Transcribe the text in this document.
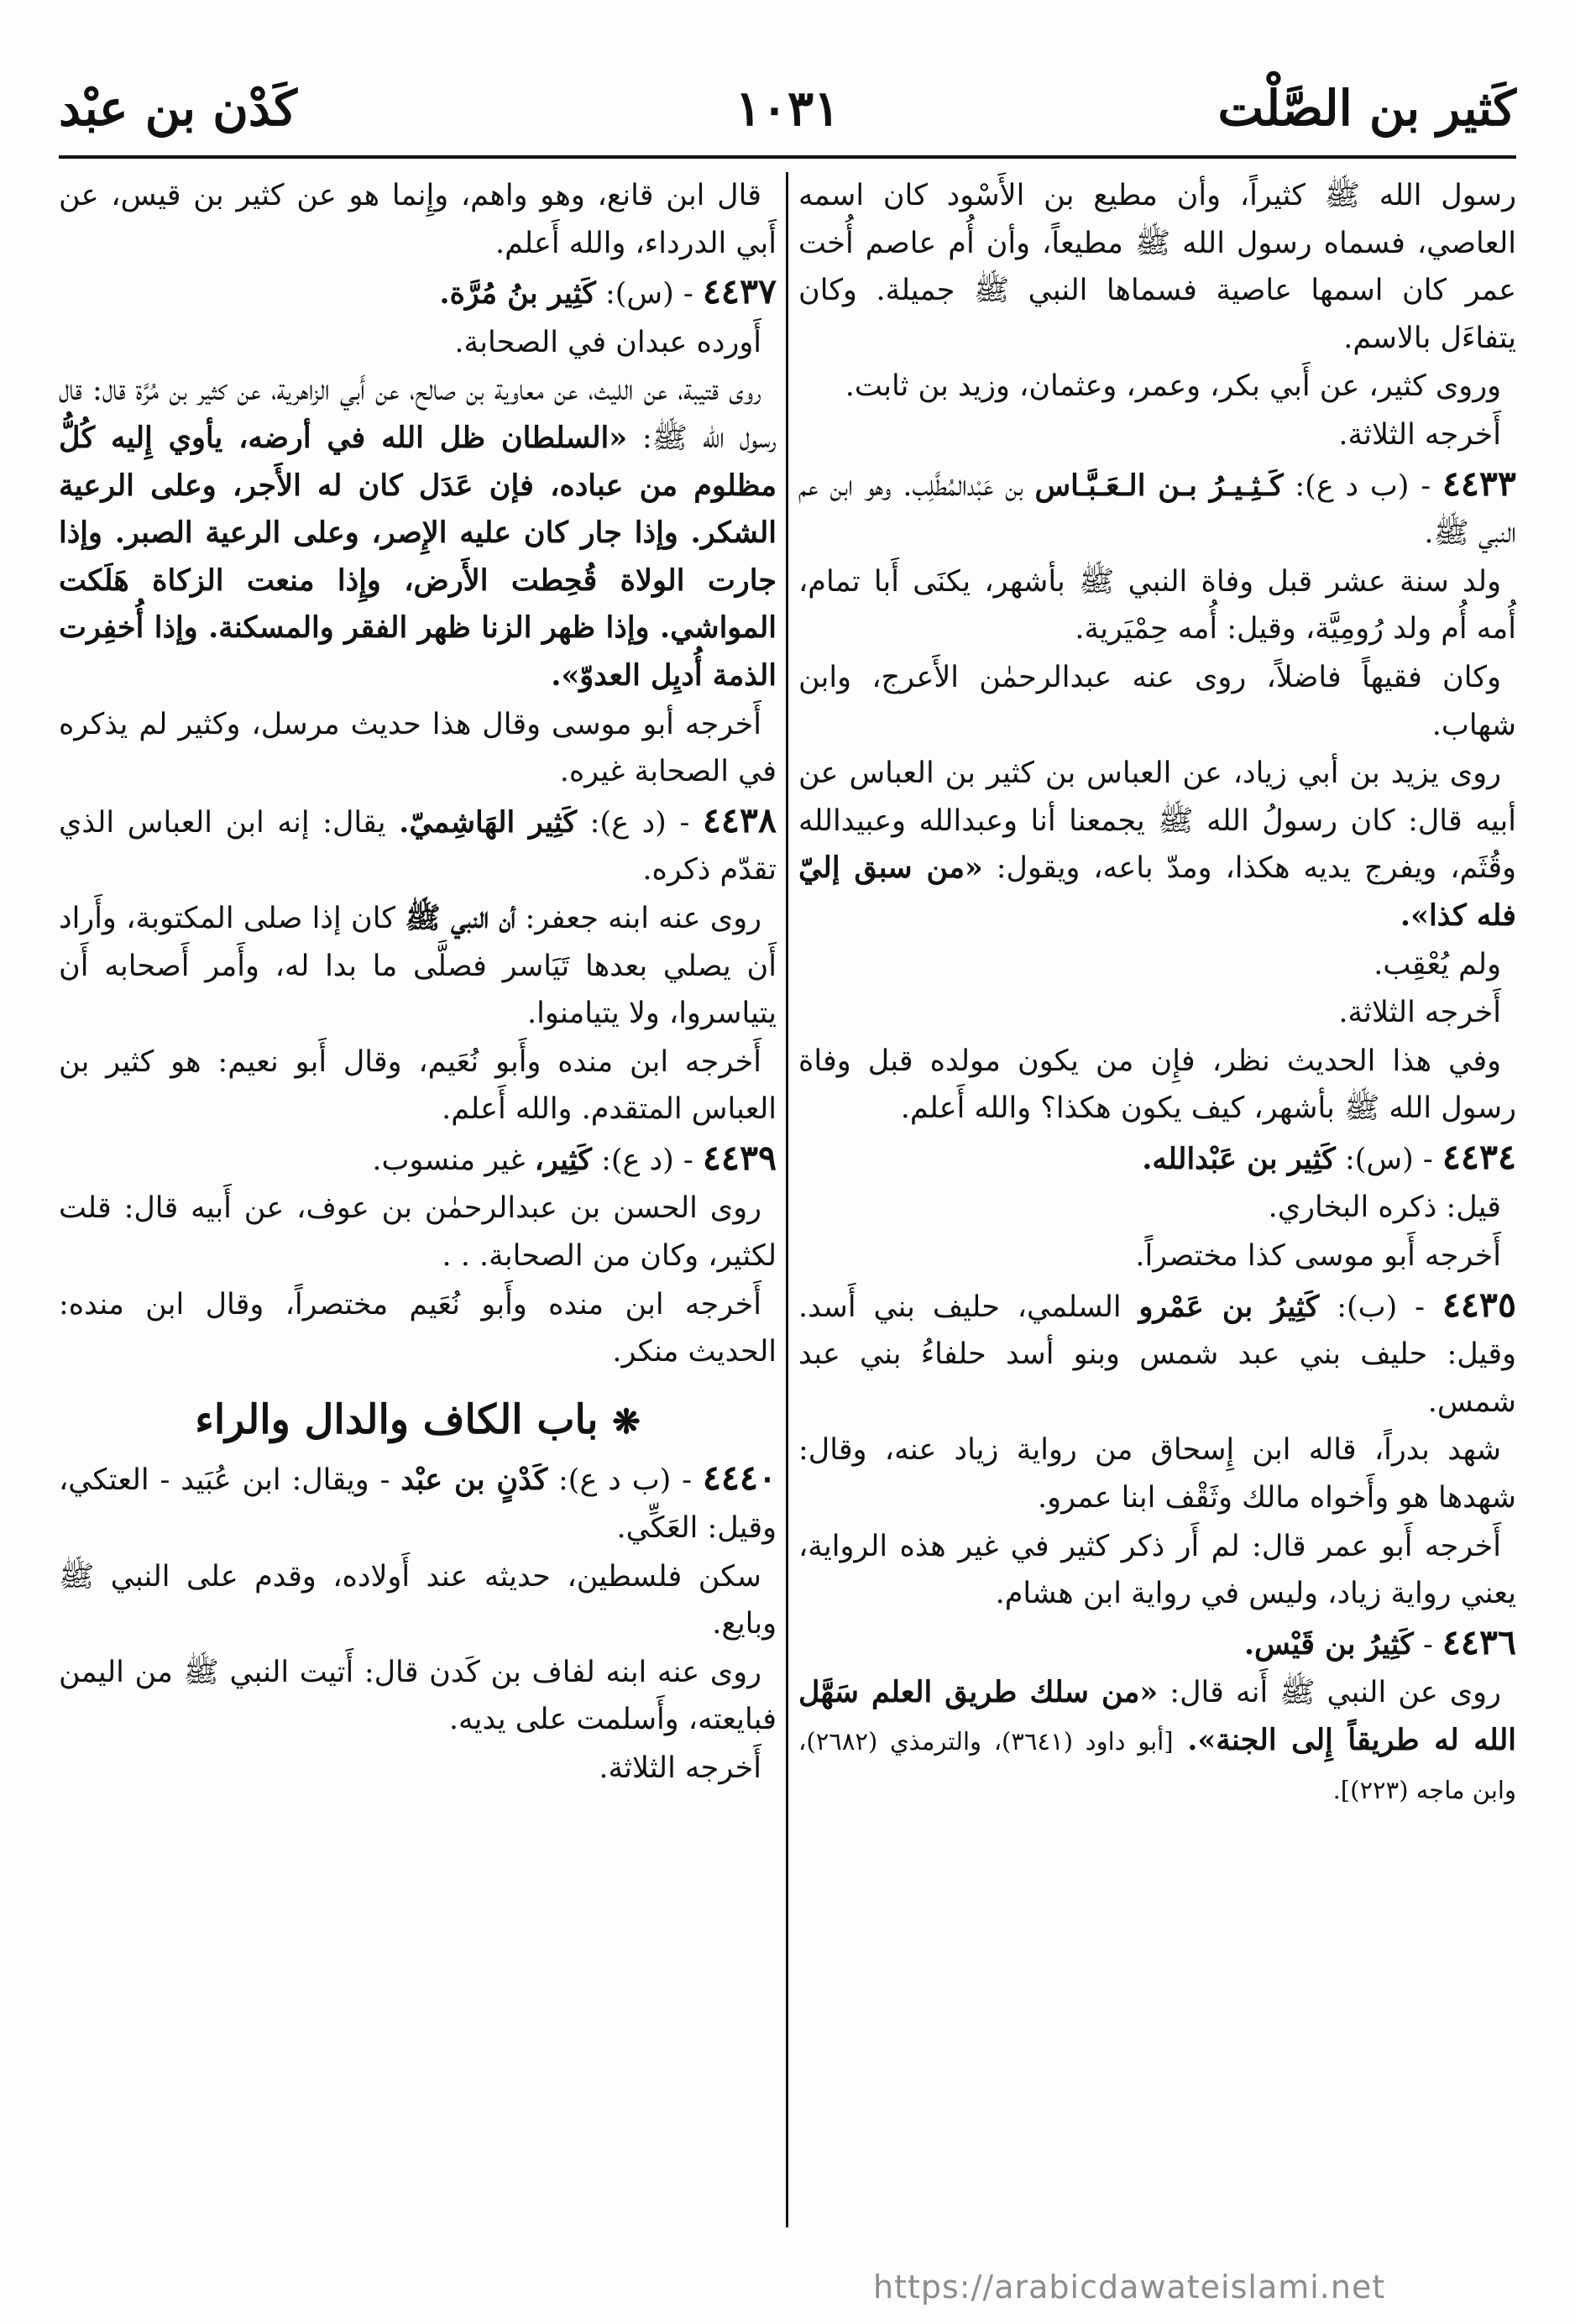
كَثير بن الصَّلْت
١٠٣١
كَدْن بن عبْد

رسول الله ﷺ كثيراً، وأن مطيع بن الأَسْود كان اسمه العاصي، فسماه رسول الله ﷺ مطيعاً، وأن أُم عاصم أُخت عمر كان اسمها عاصية فسماها النبي ﷺ جميلة. وكان يتفاءَل بالاسم.

وروى كثير، عن أَبي بكر، وعمر، وعثمان، وزيد بن ثابت.

أَخرجه الثلاثة.

٤٤٣٣ - (ب د ع): كَـثِـيـرُ بـن الـعَـبَّـاس بن عَبْدالمُطَّلِب. وهو ابن عم النبي ﷺ.

ولد سنة عشر قبل وفاة النبي ﷺ بأشهر، يكنَى أَبا تمام، أُمه أُم ولد رُومِيَّة، وقيل: أُمه حِمْيَرية.

وكان فقيهاً فاضلاً، روى عنه عبدالرحمٰن الأَعرج، وابن شهاب.

روى يزيد بن أبي زياد، عن العباس بن كثير بن العباس عن أبيه قال: كان رسولُ الله ﷺ يجمعنا أنا وعبدالله وعبيدالله وقُثَم، ويفرج يديه هكذا، ومدّ باعه، ويقول: «من سبق إليّ فله كذا».

ولم يُعْقِب.

أَخرجه الثلاثة.

وفي هذا الحديث نظر، فإِن من يكون مولده قبل وفاة رسول الله ﷺ بأشهر، كيف يكون هكذا؟ والله أَعلم.

٤٤٣٤ - (س): كَثِير بن عَبْدالله.

قيل: ذكره البخاري.

أَخرجه أَبو موسى كذا مختصراً.

٤٤٣٥ - (ب): كَثِيرُ بن عَمْرو السلمي، حليف بني أَسد. وقيل: حليف بني عبد شمس وبنو أسد حلفاءُ بني عبد شمس.

شهد بدراً، قاله ابن إِسحاق من رواية زياد عنه، وقال: شهدها هو وأَخواه مالك وثَقْف ابنا عمرو.

أَخرجه أَبو عمر قال: لم أَر ذكر كثير في غير هذه الرواية، يعني رواية زياد، وليس في رواية ابن هشام.

٤٤٣٦ - كَثِيرُ بن قَيْس.

روى عن النبي ﷺ أَنه قال: «من سلك طريق العلم سَهَّل الله له طريقاً إِلى الجنة». [أبو داود (٣٦٤١)، والترمذي (٢٦٨٢)، وابن ماجه (٢٢٣)].

قال ابن قانع، وهو واهم، وإِنما هو عن كثير بن قيس، عن أَبي الدرداء، والله أَعلم.

٤٤٣٧ - (س): كَثِير بنُ مُرَّة.

أَورده عبدان في الصحابة.

روى قتيبة، عن الليث، عن معاوية بن صالح، عن أَبي الزاهرية، عن كثير بن مُرَّة قال: قال رسول الله ﷺ: «السلطان ظل الله في أرضه، يأوي إِليه كُلُّ مظلوم من عباده، فإن عَدَل كان له الأَجر، وعلى الرعية الشكر. وإذا جار كان عليه الإِصر، وعلى الرعية الصبر. وإذا جارت الولاة قُحِطت الأَرض، وإِذا منعت الزكاة هَلَكت المواشي. وإذا ظهر الزنا ظهر الفقر والمسكنة. وإذا أُخفِرت الذمة أُديِل العدوّ».

أَخرجه أبو موسى وقال هذا حديث مرسل، وكثير لم يذكره في الصحابة غيره.

٤٤٣٨ - (د ع): كَثِير الهَاشِميّ. يقال: إنه ابن العباس الذي تقدّم ذكره.

روى عنه ابنه جعفر: أن النبي ﷺ كان إذا صلى المكتوبة، وأَراد أَن يصلي بعدها تَيَاسر فصلَّى ما بدا له، وأَمر أَصحابه أَن يتياسروا، ولا يتيامنوا.

أَخرجه ابن منده وأَبو نُعَيم، وقال أَبو نعيم: هو كثير بن العباس المتقدم. والله أَعلم.

٤٤٣٩ - (د ع): كَثِير، غير منسوب.

روى الحسن بن عبدالرحمٰن بن عوف، عن أَبيه قال: قلت لكثير، وكان من الصحابة. . .

أَخرجه ابن منده وأَبو نُعَيم مختصراً، وقال ابن منده: الحديث منكر.

❋ باب الكاف والدال والراء

٤٤٤٠ - (ب د ع): كَدْنٍ بن عبْد - ويقال: ابن عُبَيد - العتكي، وقيل: العَكِّي.

سكن فلسطين، حديثه عند أَولاده، وقدم على النبي ﷺ وبايع.

روى عنه ابنه لفاف بن كَدن قال: أَتيت النبي ﷺ من اليمن فبايعته، وأَسلمت على يديه.

أَخرجه الثلاثة.

https://arabicdawateislami.net
